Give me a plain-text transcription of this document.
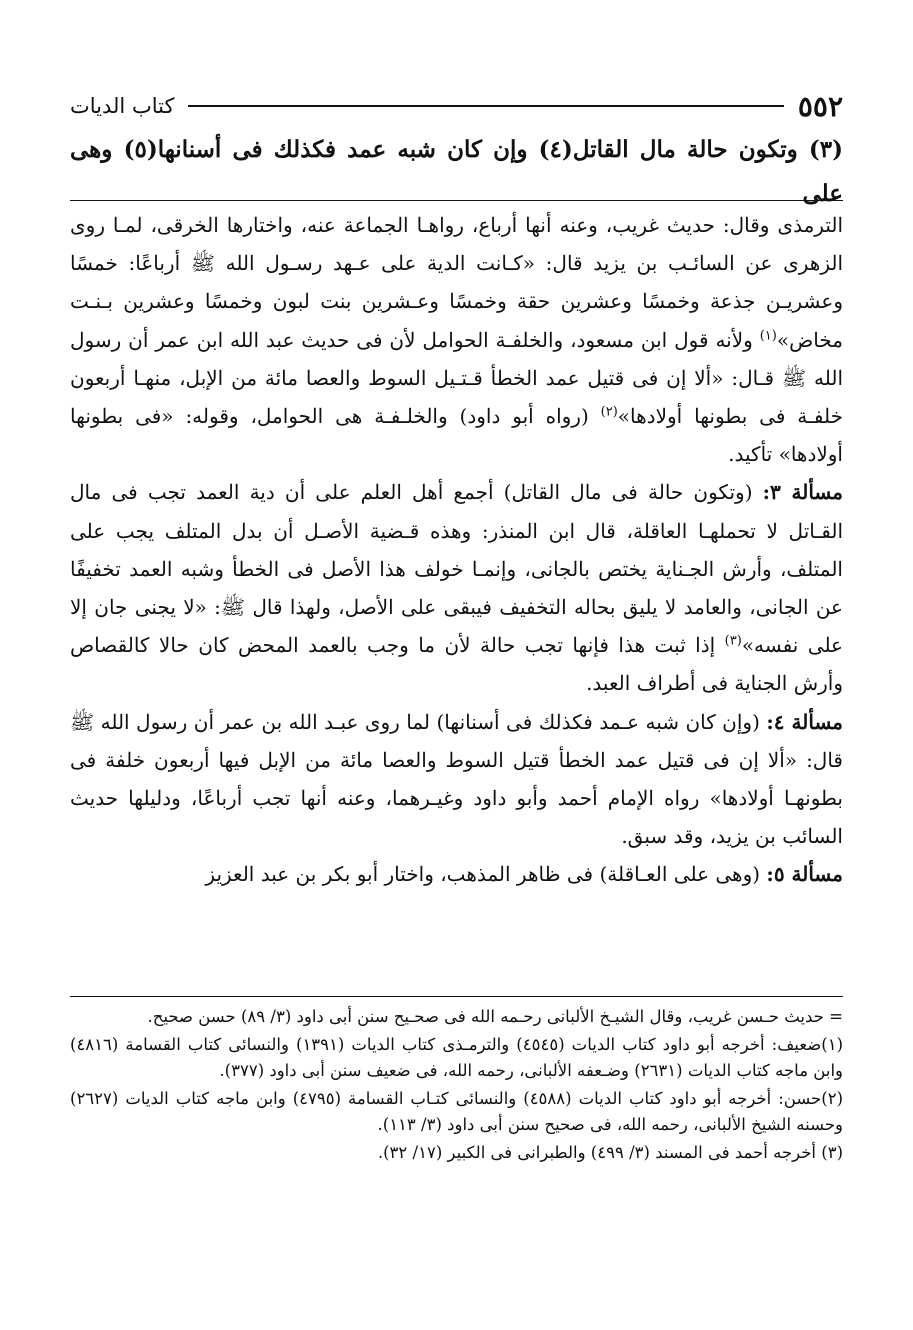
٥٥٢
كتاب الديات
(٣) وتكون حالة مال القاتل(٤) وإن كان شبه عمد فكذلك فى أسنانها(٥) وهى على

الترمذى وقال: حديث غريب، وعنه أنها أرباع، رواهـا الجماعة عنه، واختارها الخرقى، لمـا روى الزهرى عن السائـب بن يزيد قال: «كـانت الدية على عـهد رسـول الله ﷺ أرباعًا: خمسًا وعشريـن جذعة وخمسًا وعشرين حقة وخمسًا وعـشرين بنت لبون وخمسًا وعشرين بـنـت مخاض»$^{(١)}$ ولأنه قول ابن مسعود، والخلفـة الحوامل لأن فى حديث عبد الله ابن عمر أن رسول الله ﷺ قـال: «ألا إن فى قتيل عمد الخطأ قـتـيل السوط والعصا مائة من الإبل، منهـا أربعون خلفـة فى بطونها أولادها»$^{(٢)}$ (رواه أبو داود) والخلـفـة هى الحوامل، وقوله: «فى بطونها أولادها» تأكيد.

مسألة ٣: (وتكون حالة فى مال القاتل) أجمع أهل العلم على أن دية العمد تجب فى مال القـاتل لا تحملهـا العاقلة، قال ابن المنذر: وهذه قـضية الأصـل أن بدل المتلف يجب على المتلف، وأرش الجـناية يختص بالجانى، وإنمـا خولف هذا الأصل فى الخطأ وشبه العمد تخفيفًا عن الجانى، والعامد لا يليق بحاله التخفيف فيبقى على الأصل، ولهذا قال ﷺ: «لا يجنى جان إلا على نفسه»$^{(٣)}$ إذا ثبت هذا فإنها تجب حالة لأن ما وجب بالعمد المحض كان حالا كالقصاص وأرش الجناية فى أطراف العبد.

مسألة ٤: (وإن كان شبه عـمد فكذلك فى أسنانها) لما روى عبـد الله بن عمر أن رسول الله ﷺ قال: «ألا إن فى قتيل عمد الخطأ قتيل السوط والعصا مائة من الإبل فيها أربعون خلفة فى بطونهـا أولادها» رواه الإمام أحمد وأبو داود وغيـرهما، وعنه أنها تجب أرباعًا، ودليلها حديث السائب بن يزيد، وقد سبق.

مسألة ٥: (وهى على العـاقلة) فى ظاهر المذهب، واختار أبو بكر بن عبد العزيز

= حديث حـسن غريب، وقال الشيـخ الألبانى رحـمه الله فى صحـيح سنن أبى داود (٣/ ٨٩) حسن صحيح.

(١)ضعيف: أخرجه أبو داود كتاب الديات (٤٥٤٥) والترمـذى كتاب الديات (١٣٩١) والنسائى كتاب القسامة (٤٨١٦) وابن ماجه كتاب الديات (٢٦٣١) وضـعفه الألبانى، رحمه الله، فى ضعيف سنن أبى داود (٣٧٧).

(٢)حسن: أخرجه أبو داود كتاب الديات (٤٥٨٨) والنسائى كتـاب القسامة (٤٧٩٥) وابن ماجه كتاب الديات (٢٦٢٧) وحسنه الشيخ الألبانى، رحمه الله، فى صحيح سنن أبى داود (٣/ ١١٣).

(٣) أخرجه أحمد فى المسند (٣/ ٤٩٩) والطبرانى فى الكبير (١٧/ ٣٢).
